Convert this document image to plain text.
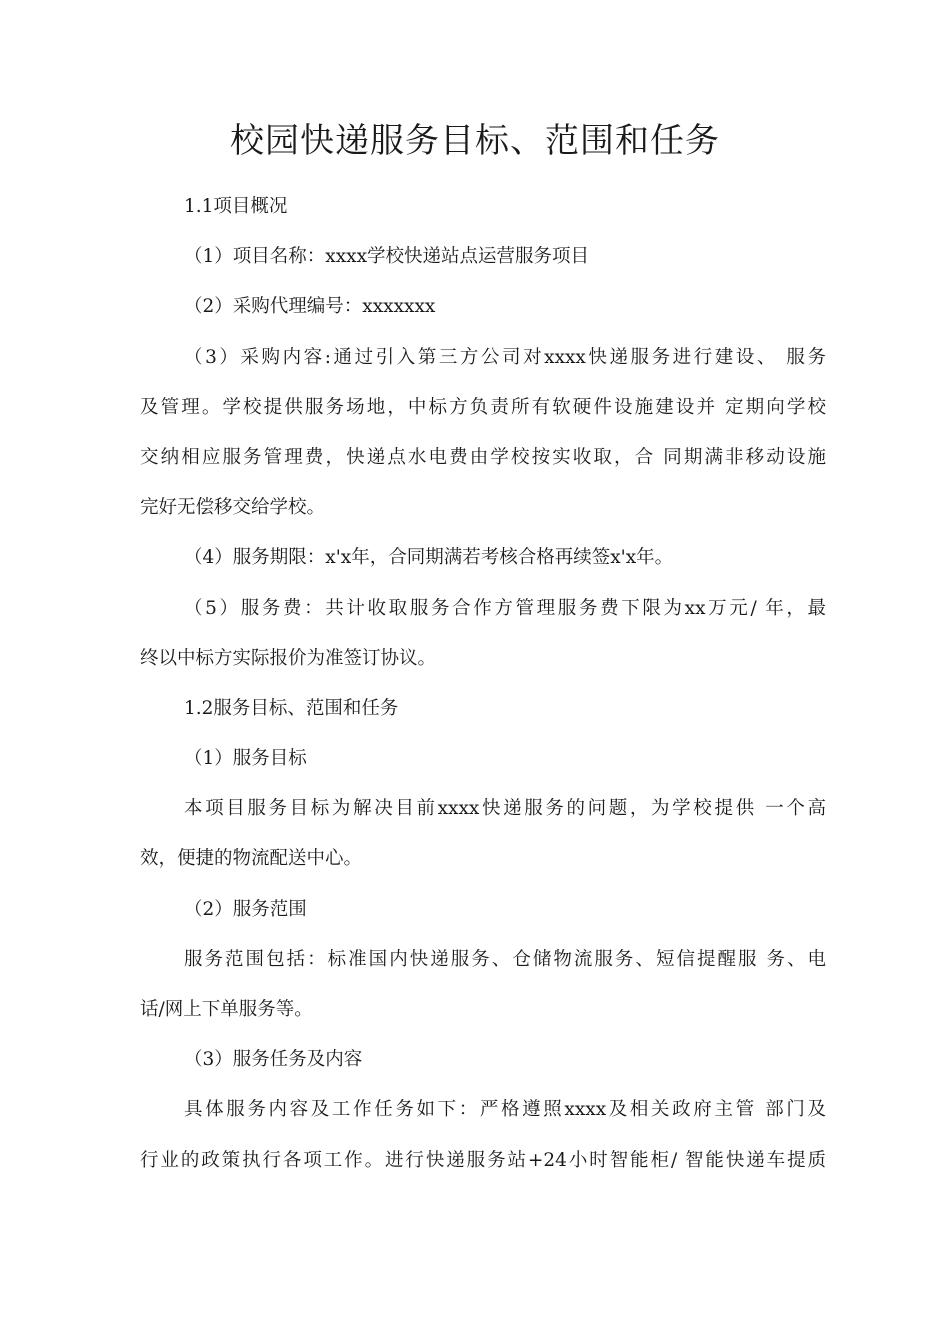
校园快递服务目标、范围和任务

1.1项目概况

（1）项目名称：xxxx学校快递站点运营服务项目

（2）采购代理编号：xxxxxxx

（3）采购内容:通过引入第三方公司对xxxx快递服务进行建设、 服务

及管理。学校提供服务场地，中标方负责所有软硬件设施建设并 定期向学校

交纳相应服务管理费，快递点水电费由学校按实收取，合 同期满非移动设施

完好无偿移交给学校。

（4）服务期限：x'x年，合同期满若考核合格再续签x'x年。

（5）服务费：共计收取服务合作方管理服务费下限为xx万元/ 年，最

终以中标方实际报价为准签订协议。

1.2服务目标、范围和任务

（1）服务目标

本项目服务目标为解决目前xxxx快递服务的问题，为学校提供 一个高

效，便捷的物流配送中心。

（2）服务范围

服务范围包括：标准国内快递服务、仓储物流服务、短信提醒服 务、电

话/网上下单服务等。

（3）服务任务及内容

具体服务内容及工作任务如下：严格遵照xxxx及相关政府主管 部门及

行业的政策执行各项工作。进行快递服务站+24小时智能柜/ 智能快递车提质
